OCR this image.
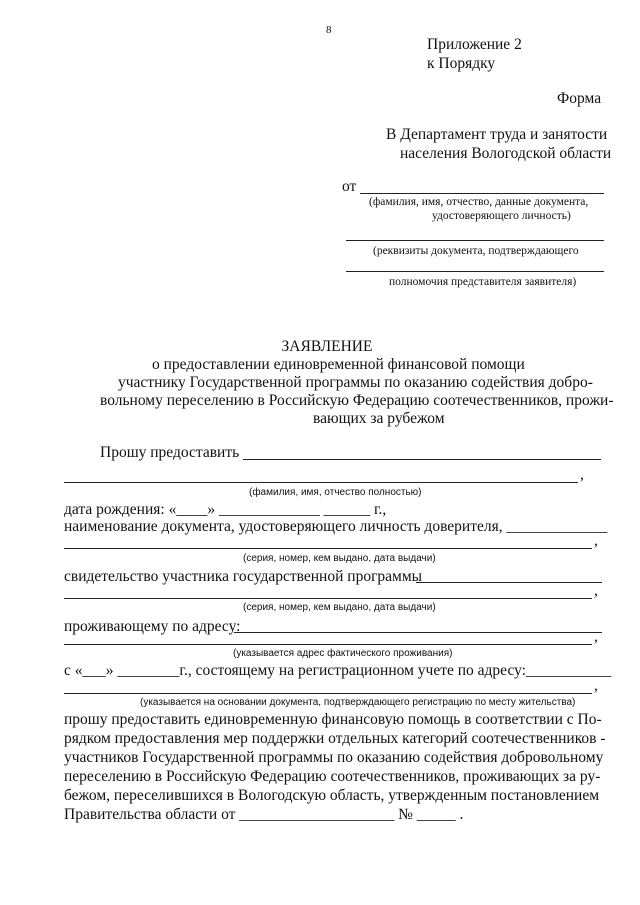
8
Приложение 2
к Порядку
Форма
В Департамент труда и занятости
населения Вологодской области
от
(фамилия, имя, отчество, данные документа,
удостоверяющего личность)
(реквизиты документа, подтверждающего
полномочия представителя заявителя)
ЗАЯВЛЕНИЕ
о предоставлении единовременной финансовой помощи
участнику Государственной программы по оказанию содействия добро-
вольному переселению в Российскую Федерацию соотечественников, прожи-
вающих за рубежом
Прошу предоставить
,
(фамилия, имя, отчество полностью)
дата рождения: «____» _____________ ______ г.,
наименование документа, удостоверяющего личность доверителя, _____________
,
(серия, номер, кем выдано, дата выдачи)
свидетельство участника государственной программы
,
(серия, номер, кем выдано, дата выдачи)
проживающему по адресу:
,
(указывается адрес фактического проживания)
с «___» ________г., состоящему на регистрационном учете по адресу:___________
,
(указывается на основании документа, подтверждающего регистрацию по месту жительства)
прошу предоставить единовременную финансовую помощь в соответствии с По-
рядком предоставления мер поддержки отдельных категорий соотечественников -
участников Государственной программы по оказанию содействия добровольному
переселению в Российскую Федерацию соотечественников, проживающих за ру-
бежом, переселившихся в Вологодскую область, утвержденным постановлением
Правительства области от ____________________ № _____ .
